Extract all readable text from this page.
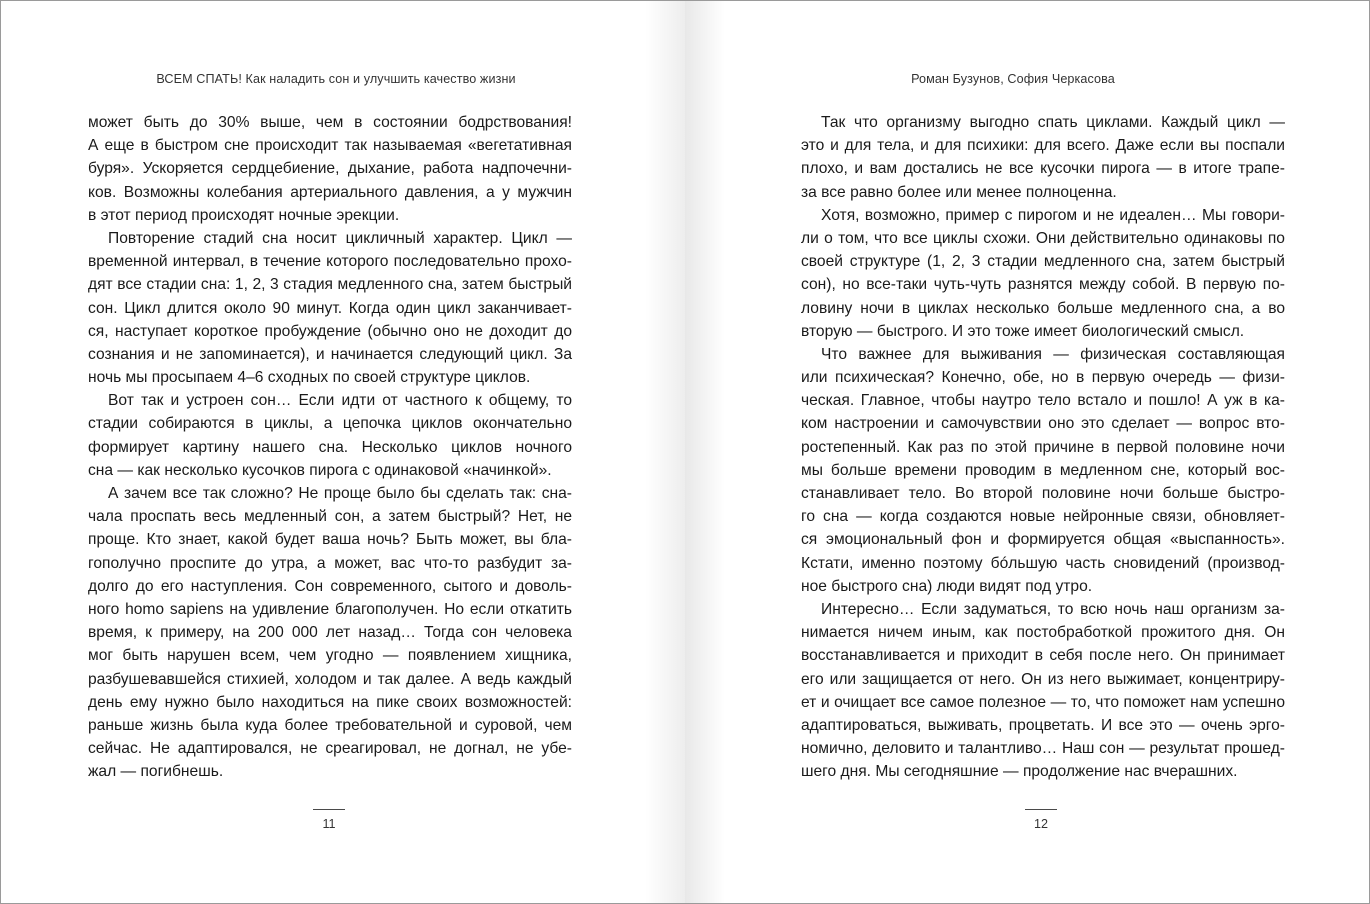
ВСЕМ СПАТЬ! Как наладить сон и улучшить качество жизни
может быть до 30% выше, чем в состоянии бодрствования!
А еще в быстром сне происходит так называемая «вегетативная
буря». Ускоряется сердцебиение, дыхание, работа надпочечни-
ков. Возможны колебания артериального давления, а у мужчин
в этот период происходят ночные эрекции.
Повторение стадий сна носит цикличный характер. Цикл —
временной интервал, в течение которого последовательно прохо-
дят все стадии сна: 1, 2, 3 стадия медленного сна, затем быстрый
сон. Цикл длится около 90 минут. Когда один цикл заканчивает-
ся, наступает короткое пробуждение (обычно оно не доходит до
сознания и не запоминается), и начинается следующий цикл. За
ночь мы просыпаем 4–6 сходных по своей структуре циклов.
Вот так и устроен сон… Если идти от частного к общему, то
стадии собираются в циклы, а цепочка циклов окончательно
формирует картину нашего сна. Несколько циклов ночного
сна — как несколько кусочков пирога с одинаковой «начинкой».
А зачем все так сложно? Не проще было бы сделать так: сна-
чала проспать весь медленный сон, а затем быстрый? Нет, не
проще. Кто знает, какой будет ваша ночь? Быть может, вы бла-
гополучно проспите до утра, а может, вас что-то разбудит за-
долго до его наступления. Сон современного, сытого и доволь-
ного homo sapiens на удивление благополучен. Но если откатить
время, к примеру, на 200 000 лет назад… Тогда сон человека
мог быть нарушен всем, чем угодно — появлением хищника,
разбушевавшейся стихией, холодом и так далее. А ведь каждый
день ему нужно было находиться на пике своих возможностей:
раньше жизнь была куда более требовательной и суровой, чем
сейчас. Не адаптировался, не среагировал, не догнал, не убе-
жал — погибнешь.
11
Роман Бузунов, София Черкасова
Так что организму выгодно спать циклами. Каждый цикл —
это и для тела, и для психики: для всего. Даже если вы поспали
плохо, и вам достались не все кусочки пирога — в итоге трапе-
за все равно более или менее полноценна.
Хотя, возможно, пример с пирогом и не идеален… Мы говори-
ли о том, что все циклы схожи. Они действительно одинаковы по
своей структуре (1, 2, 3 стадии медленного сна, затем быстрый
сон), но все-таки чуть-чуть разнятся между собой. В первую по-
ловину ночи в циклах несколько больше медленного сна, а во
вторую — быстрого. И это тоже имеет биологический смысл.
Что важнее для выживания — физическая составляющая
или психическая? Конечно, обе, но в первую очередь — физи-
ческая. Главное, чтобы наутро тело встало и пошло! А уж в ка-
ком настроении и самочувствии оно это сделает — вопрос вто-
ростепенный. Как раз по этой причине в первой половине ночи
мы больше времени проводим в медленном сне, который вос-
станавливает тело. Во второй половине ночи больше быстро-
го сна — когда создаются новые нейронные связи, обновляет-
ся эмоциональный фон и формируется общая «выспанность».
Кстати, именно поэтому бóльшую часть сновидений (производ-
ное быстрого сна) люди видят под утро.
Интересно… Если задуматься, то всю ночь наш организм за-
нимается ничем иным, как постобработкой прожитого дня. Он
восстанавливается и приходит в себя после него. Он принимает
его или защищается от него. Он из него выжимает, концентриру-
ет и очищает все самое полезное — то, что поможет нам успешно
адаптироваться, выживать, процветать. И все это — очень эрго-
номично, деловито и талантливо… Наш сон — результат прошед-
шего дня. Мы сегодняшние — продолжение нас вчерашних.
12
